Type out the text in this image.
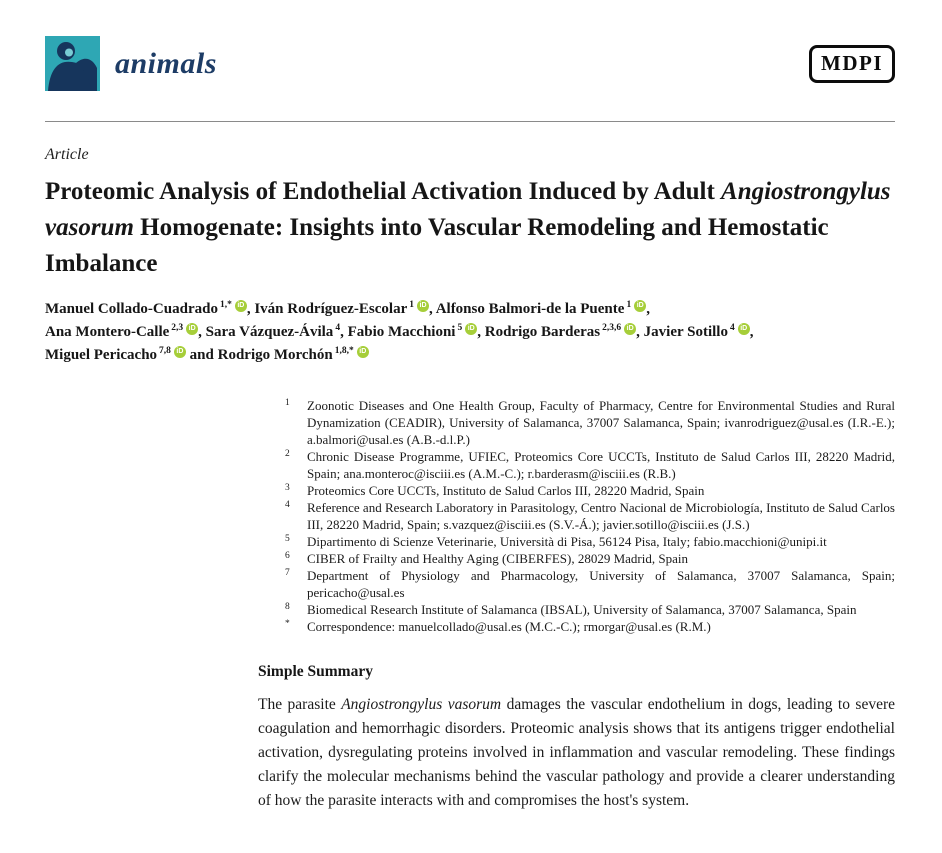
animals	MDPI
Article
Proteomic Analysis of Endothelial Activation Induced by Adult Angiostrongylus vasorum Homogenate: Insights into Vascular Remodeling and Hemostatic Imbalance
Manuel Collado-Cuadrado $^{1,*}$ iD , Iván Rodríguez-Escolar $^1$ iD , Alfonso Balmori-de la Puente $^1$ iD ,
Ana Montero-Calle $^{2,3}$ iD , Sara Vázquez-Ávila $^4$, Fabio Macchioni $^5$ iD , Rodrigo Barderas $^{2,3,6}$ iD , Javier Sotillo $^4$ iD ,
Miguel Pericacho $^{7,8}$ iD and Rodrigo Morchón $^{1,8,*}$ iD
1	Zoonotic Diseases and One Health Group, Faculty of Pharmacy, Centre for Environmental Studies and Rural Dynamization (CEADIR), University of Salamanca, 37007 Salamanca, Spain; ivanrodriguez@usal.es (I.R.-E.); a.balmori@usal.es (A.B.-d.l.P.)
2	Chronic Disease Programme, UFIEC, Proteomics Core UCCTs, Instituto de Salud Carlos III, 28220 Madrid, Spain; ana.monteroc@isciii.es (A.M.-C.); r.barderasm@isciii.es (R.B.)
3	Proteomics Core UCCTs, Instituto de Salud Carlos III, 28220 Madrid, Spain
4	Reference and Research Laboratory in Parasitology, Centro Nacional de Microbiología, Instituto de Salud Carlos III, 28220 Madrid, Spain; s.vazquez@isciii.es (S.V.-Á.); javier.sotillo@isciii.es (J.S.)
5	Dipartimento di Scienze Veterinarie, Università di Pisa, 56124 Pisa, Italy; fabio.macchioni@unipi.it
6	CIBER of Frailty and Healthy Aging (CIBERFES), 28029 Madrid, Spain
7	Department of Physiology and Pharmacology, University of Salamanca, 37007 Salamanca, Spain; pericacho@usal.es
8	Biomedical Research Institute of Salamanca (IBSAL), University of Salamanca, 37007 Salamanca, Spain
*	Correspondence: manuelcollado@usal.es (M.C.-C.); rmorgar@usal.es (R.M.)
Simple Summary

The parasite Angiostrongylus vasorum damages the vascular endothelium in dogs, leading to severe coagulation and hemorrhagic disorders. Proteomic analysis shows that its antigens trigger endothelial activation, dysregulating proteins involved in inflammation and vascular remodeling. These findings clarify the molecular mechanisms behind the vascular pathology and provide a clearer understanding of how the parasite interacts with and compromises the host's system.
